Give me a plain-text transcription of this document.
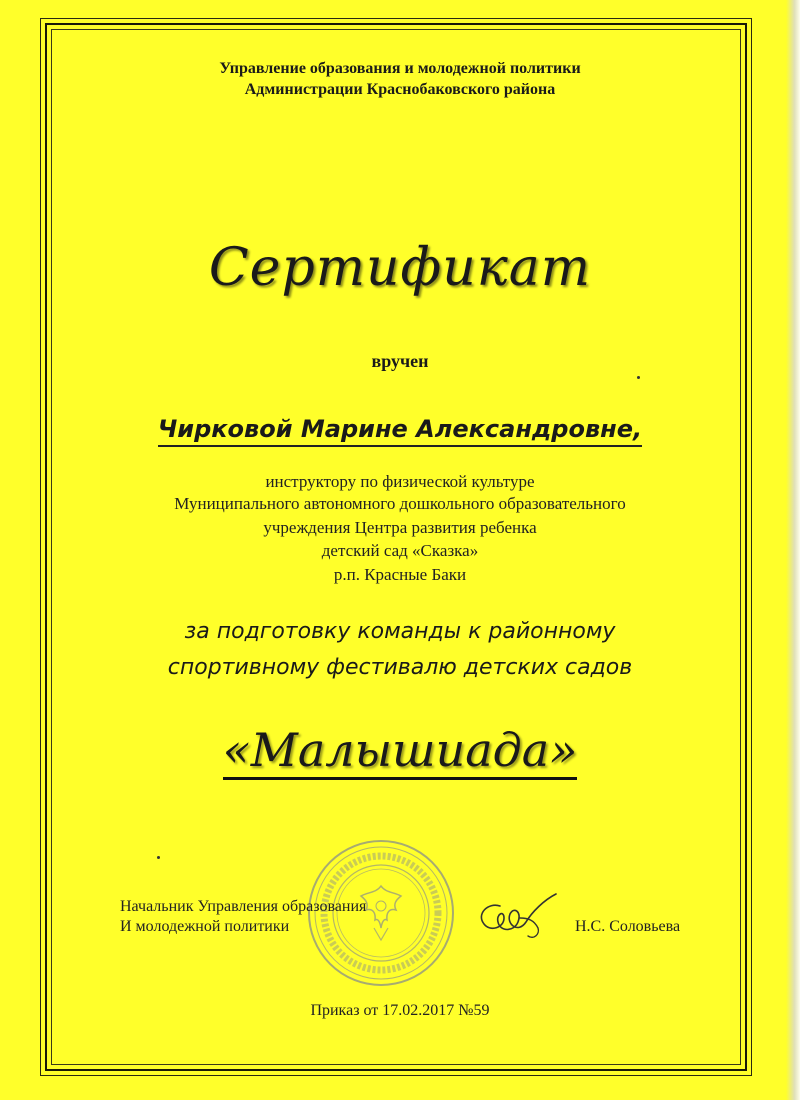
Управление образования и молодежной политики
Администрации Краснобаковского района
Сертификат
вручен
Чирковой Марине Александровне,
инструктору по физической культуре
Муниципального автономного дошкольного образовательного
учреждения Центра развития ребенка
детский сад «Сказка»
р.п. Красные Баки
за подготовку команды к районному
спортивному фестивалю детских садов
«Малышиада»
Начальник Управления образования
И молодежной политики	Н.С. Соловьева
Приказ от 17.02.2017 №59
